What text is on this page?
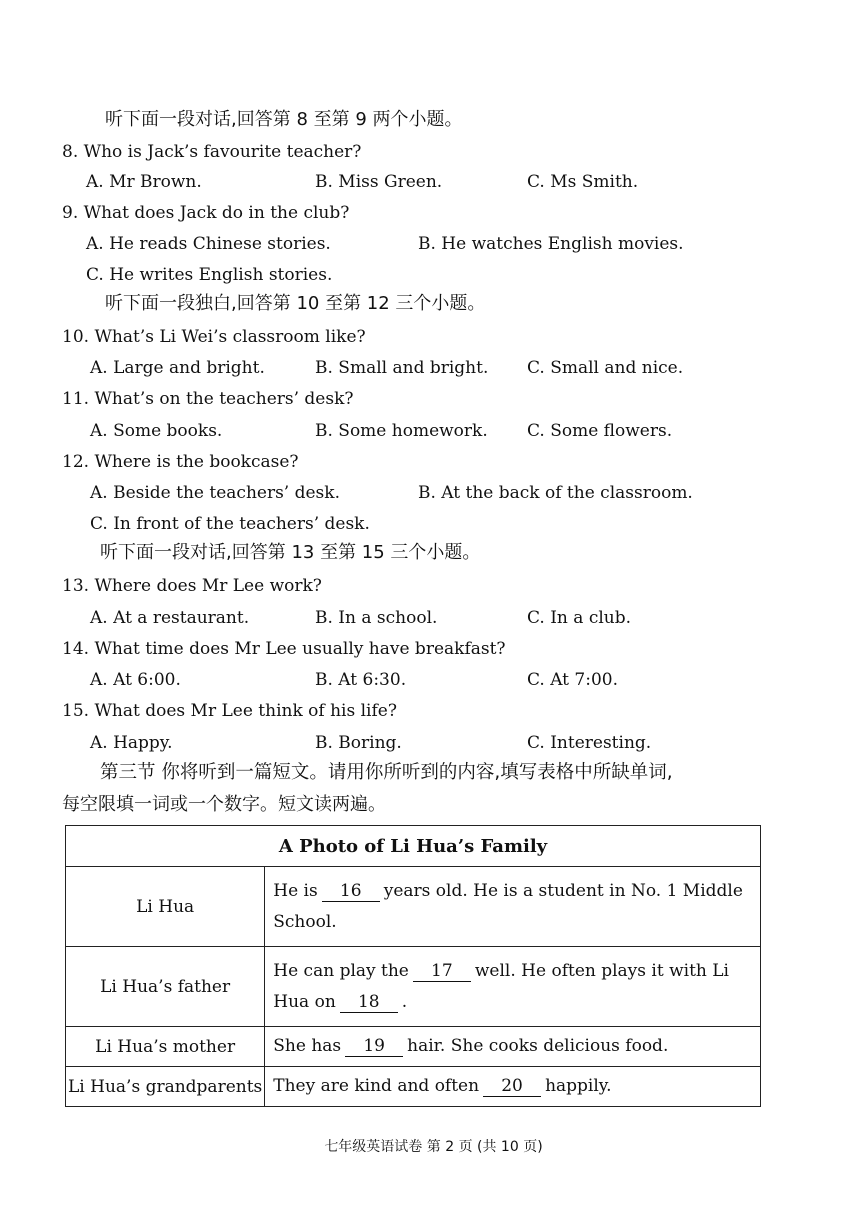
听下面一段对话,回答第 8 至第 9 两个小题。
8. Who is Jack’s favourite teacher?
A. Mr Brown.	B. Miss Green.	C. Ms Smith.
9. What does Jack do in the club?
A. He reads Chinese stories.	B. He watches English movies.
C. He writes English stories.
听下面一段独白,回答第 10 至第 12 三个小题。
10. What’s Li Wei’s classroom like?
A. Large and bright.	B. Small and bright. C. Small and nice.
11. What’s on the teachers’ desk?
A. Some books.	B. Some homework. C. Some flowers.
12. Where is the bookcase?
A. Beside the teachers’ desk.	B. At the back of the classroom.
C. In front of the teachers’ desk.
听下面一段对话,回答第 13 至第 15 三个小题。
13. Where does Mr Lee work?
A. At a restaurant.	B. In a school.	C. In a club.
14. What time does Mr Lee usually have breakfast?
A. At 6:00.	B. At 6:30.	C. At 7:00.
15. What does Mr Lee think of his life?
A. Happy.	B. Boring.	C. Interesting.
第三节 你将听到一篇短文。请用你所听到的内容,填写表格中所缺单词,
每空限填一词或一个数字。短文读两遍。
A Photo of Li Hua’s Family	
Li Hua	He is 16 years old. He is a student in No. 1 Middle School.
Li Hua’s father	He can play the 17 well. He often plays it with Li Hua on 18 .
Li Hua’s mother	She has 19 hair. She cooks delicious food.
Li Hua’s grandparents	They are kind and often 20 happily.
七年级英语试卷 第 2 页 (共 10 页)
